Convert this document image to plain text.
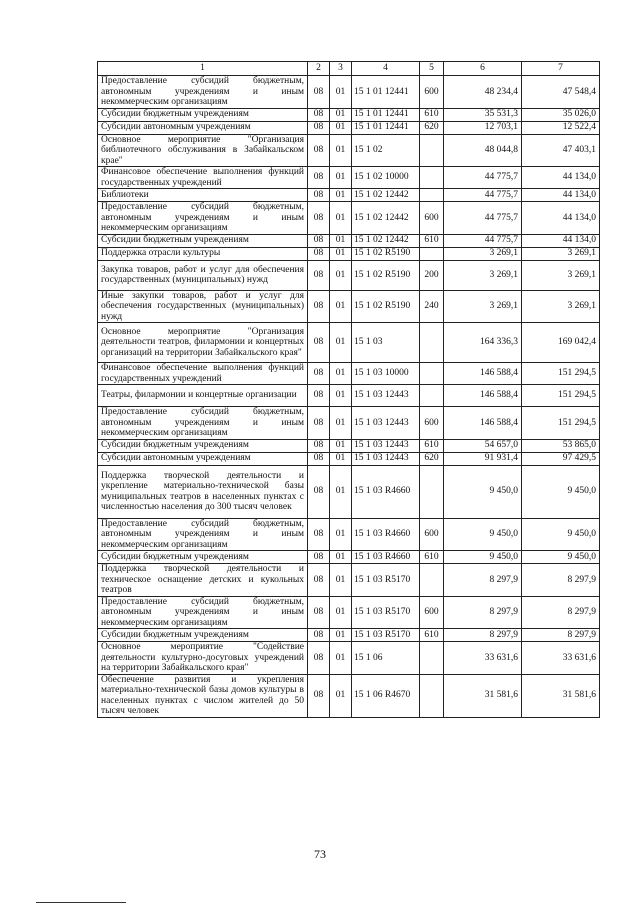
1	2	3	4	5	6	7
Предоставление субсидий бюджетным, автономным учреждениям и иным некоммерческим организациям	08	01	15 1 01 12441	600	48 234,4	47 548,4
Субсидии бюджетным учреждениям	08	01	15 1 01 12441	610	35 531,3	35 026,0
Субсидии автономным учреждениям	08	01	15 1 01 12441	620	12 703,1	12 522,4
Основное мероприятие "Организация библиотечного обслуживания в Забайкальском крае"	08	01	15 1 02		48 044,8	47 403,1
Финансовое обеспечение выполнения функций государственных учреждений	08	01	15 1 02 10000		44 775,7	44 134,0
Библиотеки	08	01	15 1 02 12442		44 775,7	44 134,0
Предоставление субсидий бюджетным, автономным учреждениям и иным некоммерческим организациям	08	01	15 1 02 12442	600	44 775,7	44 134,0
Субсидии бюджетным учреждениям	08	01	15 1 02 12442	610	44 775,7	44 134,0
Поддержка отрасли культуры	08	01	15 1 02 R5190		3 269,1	3 269,1
Закупка товаров, работ и услуг для обеспечения государственных (муниципальных) нужд	08	01	15 1 02 R5190	200	3 269,1	3 269,1
Иные закупки товаров, работ и услуг для обеспечения государственных (муниципальных) нужд	08	01	15 1 02 R5190	240	3 269,1	3 269,1
Основное мероприятие "Организация деятельности театров, филармонии и концертных организаций на территории Забайкальского края"	08	01	15 1 03		164 336,3	169 042,4
Финансовое обеспечение выполнения функций государственных учреждений	08	01	15 1 03 10000		146 588,4	151 294,5
Театры, филармонии и концертные организации	08	01	15 1 03 12443		146 588,4	151 294,5
Предоставление субсидий бюджетным, автономным учреждениям и иным некоммерческим организациям	08	01	15 1 03 12443	600	146 588,4	151 294,5
Субсидии бюджетным учреждениям	08	01	15 1 03 12443	610	54 657,0	53 865,0
Субсидии автономным учреждениям	08	01	15 1 03 12443	620	91 931,4	97 429,5
Поддержка творческой деятельности и укрепление материально-технической базы муниципальных театров в населенных пунктах с численностью населения до 300 тысяч человек	08	01	15 1 03 R4660		9 450,0	9 450,0
Предоставление субсидий бюджетным, автономным учреждениям и иным некоммерческим организациям	08	01	15 1 03 R4660	600	9 450,0	9 450,0
Субсидии бюджетным учреждениям	08	01	15 1 03 R4660	610	9 450,0	9 450,0
Поддержка творческой деятельности и техническое оснащение детских и кукольных театров	08	01	15 1 03 R5170		8 297,9	8 297,9
Предоставление субсидий бюджетным, автономным учреждениям и иным некоммерческим организациям	08	01	15 1 03 R5170	600	8 297,9	8 297,9
Субсидии бюджетным учреждениям	08	01	15 1 03 R5170	610	8 297,9	8 297,9
Основное мероприятие "Содействие деятельности культурно-досуговых учреждений на территории Забайкальского края"	08	01	15 1 06		33 631,6	33 631,6
Обеспечение развития и укрепления материально-технической базы домов культуры в населенных пунктах с числом жителей до 50 тысяч человек	08	01	15 1 06 R4670		31 581,6	31 581,6
73
